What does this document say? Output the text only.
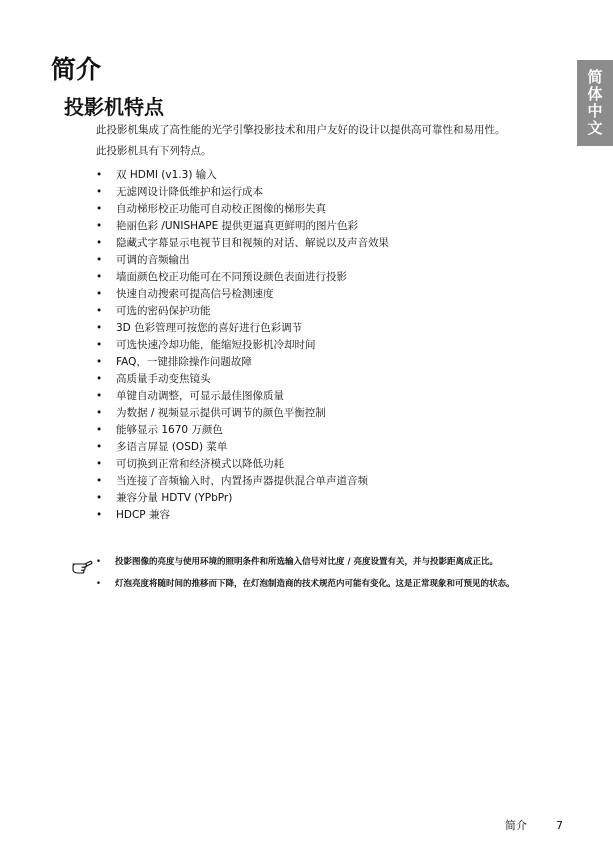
简体中文
简介
投影机特点

此投影机集成了高性能的光学引擎投影技术和用户友好的设计以提供高可靠性和易用性。

此投影机具有下列特点。

• 双 HDMI (v1.3) 输入
• 无滤网设计降低维护和运行成本
• 自动梯形校正功能可自动校正图像的梯形失真
• 艳丽色彩 /UNISHAPE 提供更逼真更鲜明的图片色彩
• 隐藏式字幕显示电视节目和视频的对话、解说以及声音效果
• 可调的音频输出
• 墙面颜色校正功能可在不同预设颜色表面进行投影
• 快速自动搜索可提高信号检测速度
• 可选的密码保护功能
• 3D 色彩管理可按您的喜好进行色彩调节
• 可选快速冷却功能，能缩短投影机冷却时间
• FAQ，一键排除操作问题故障
• 高质量手动变焦镜头
• 单键自动调整，可显示最佳图像质量
• 为数据 / 视频显示提供可调节的颜色平衡控制
• 能够显示 1670 万颜色
• 多语言屏显 (OSD) 菜单
• 可切换到正常和经济模式以降低功耗
• 当连接了音频输入时，内置扬声器提供混合单声道音频
• 兼容分量 HDTV (YPbPr)
• HDCP 兼容
• 投影图像的亮度与使用环境的照明条件和所选输入信号对比度 / 亮度设置有关，并与投影距离成正比。
• 灯泡亮度将随时间的推移而下降，在灯泡制造商的技术规范内可能有变化。这是正常现象和可预见的状态。
简介	7
